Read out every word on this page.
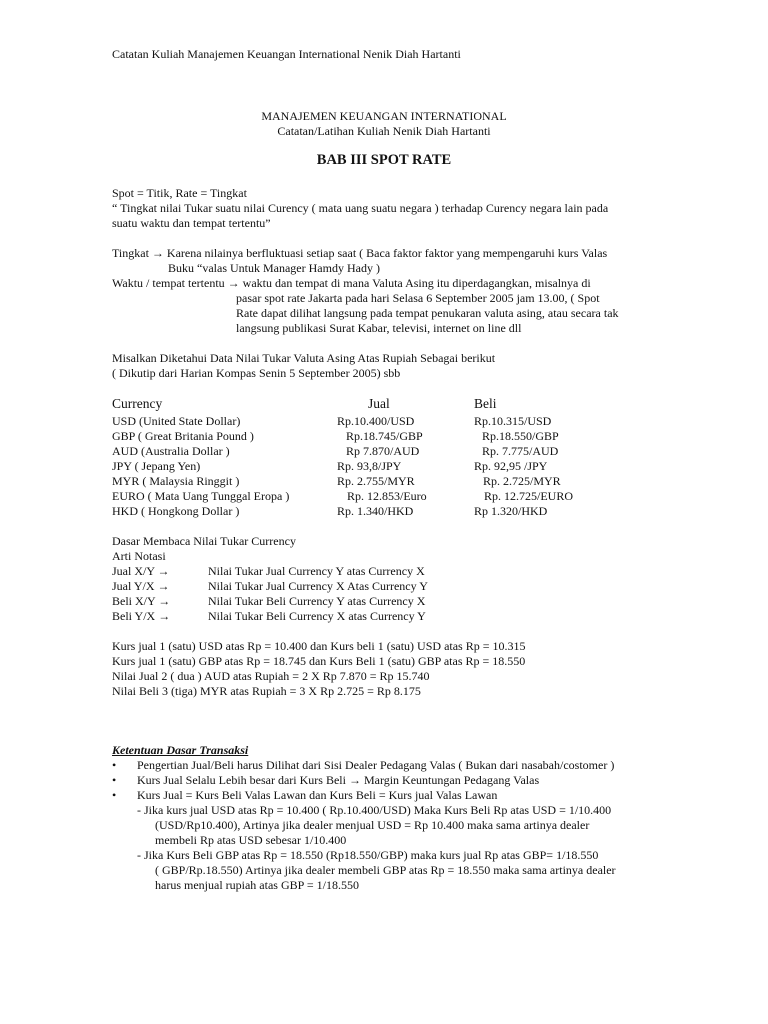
Catatan Kuliah Manajemen Keuangan International Nenik Diah Hartanti
MANAJEMEN KEUANGAN INTERNATIONAL
Catatan/Latihan Kuliah Nenik Diah Hartanti
BAB III SPOT RATE
Spot = Titik, Rate = Tingkat
“ Tingkat nilai Tukar suatu nilai Curency ( mata uang suatu negara ) terhadap Curency negara lain pada
suatu waktu dan tempat tertentu”
Tingkat → Karena nilainya berfluktuasi setiap saat ( Baca faktor faktor yang mempengaruhi kurs Valas
Buku “valas Untuk Manager Hamdy Hady )
Waktu / tempat tertentu → waktu dan tempat di mana Valuta Asing itu diperdagangkan, misalnya di
pasar spot rate Jakarta pada hari Selasa 6 September 2005 jam 13.00, ( Spot
Rate dapat dilihat langsung pada tempat penukaran valuta asing, atau secara tak
langsung publikasi Surat Kabar, televisi, internet on line dll
Misalkan Diketahui Data Nilai Tukar Valuta Asing Atas Rupiah Sebagai berikut
( Dikutip dari Harian Kompas Senin 5 September 2005) sbb
Currency	Jual	Beli
USD (United State Dollar)	Rp.10.400/USD	Rp.10.315/USD
GBP ( Great Britania Pound )	Rp.18.745/GBP	Rp.18.550/GBP
AUD (Australia Dollar )	Rp 7.870/AUD	Rp. 7.775/AUD
JPY ( Jepang Yen)	Rp. 93,8/JPY	Rp. 92,95 /JPY
MYR ( Malaysia Ringgit )	Rp. 2.755/MYR	Rp. 2.725/MYR
EURO ( Mata Uang Tunggal Eropa )	Rp. 12.853/Euro	Rp. 12.725/EURO
HKD ( Hongkong Dollar )	Rp. 1.340/HKD	Rp 1.320/HKD
Dasar Membaca Nilai Tukar Currency
Arti Notasi
Jual X/Y →	Nilai Tukar Jual Currency Y atas Currency X
Jual Y/X →	Nilai Tukar Jual Currency X Atas Currency Y
Beli X/Y →	Nilai Tukar Beli Currency Y atas Currency X
Beli Y/X →	Nilai Tukar Beli Currency X atas Currency Y
Kurs jual 1 (satu) USD atas Rp = 10.400 dan Kurs beli 1 (satu) USD atas Rp = 10.315
Kurs jual 1 (satu) GBP atas Rp = 18.745 dan Kurs Beli 1 (satu) GBP atas Rp = 18.550
Nilai Jual 2 ( dua ) AUD atas Rupiah = 2 X Rp 7.870 = Rp 15.740
Nilai Beli 3 (tiga) MYR atas Rupiah = 3 X Rp 2.725 = Rp 8.175
Ketentuan Dasar Transaksi
• Pengertian Jual/Beli harus Dilihat dari Sisi Dealer Pedagang Valas ( Bukan dari nasabah/costomer )
• Kurs Jual Selalu Lebih besar dari Kurs Beli → Margin Keuntungan Pedagang Valas
• Kurs Jual = Kurs Beli Valas Lawan dan Kurs Beli = Kurs jual Valas Lawan
- Jika kurs jual USD atas Rp = 10.400 ( Rp.10.400/USD) Maka Kurs Beli Rp atas USD = 1/10.400
(USD/Rp10.400), Artinya jika dealer menjual USD = Rp 10.400 maka sama artinya dealer
membeli Rp atas USD sebesar 1/10.400
- Jika Kurs Beli GBP atas Rp = 18.550 (Rp18.550/GBP) maka kurs jual Rp atas GBP= 1/18.550
( GBP/Rp.18.550) Artinya jika dealer membeli GBP atas Rp = 18.550 maka sama artinya dealer
harus menjual rupiah atas GBP = 1/18.550
